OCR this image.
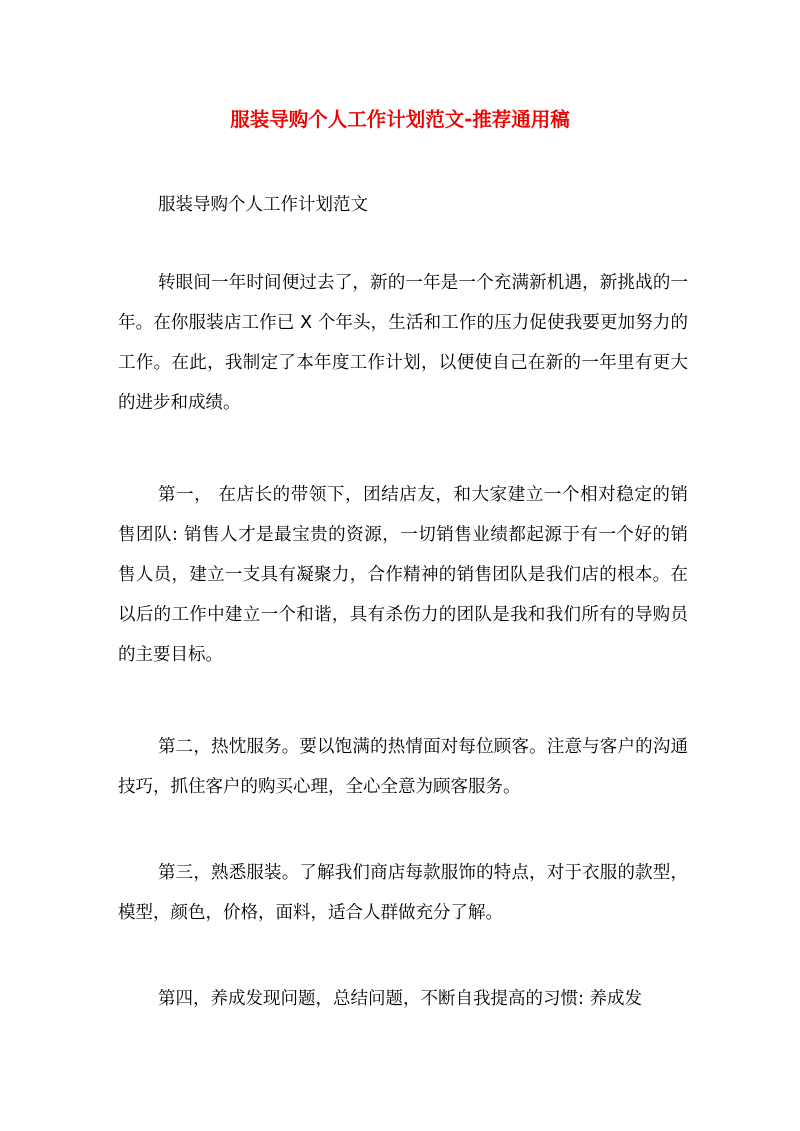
服装导购个人工作计划范文-推荐通用稿

服装导购个人工作计划范文

转眼间一年时间便过去了，新的一年是一个充满新机遇，新挑战的一年。在你服装店工作已 X 个年头，生活和工作的压力促使我要更加努力的工作。在此，我制定了本年度工作计划，以便使自己在新的一年里有更大的进步和成绩。

第一， 在店长的带领下，团结店友，和大家建立一个相对稳定的销售团队: 销售人才是最宝贵的资源，一切销售业绩都起源于有一个好的销售人员，建立一支具有凝聚力，合作精神的销售团队是我们店的根本。在以后的工作中建立一个和谐，具有杀伤力的团队是我和我们所有的导购员的主要目标。

第二，热忱服务。要以饱满的热情面对每位顾客。注意与客户的沟通技巧，抓住客户的购买心理，全心全意为顾客服务。

第三，熟悉服装。了解我们商店每款服饰的特点，对于衣服的款型，模型，颜色，价格，面料，适合人群做充分了解。

第四，养成发现问题，总结问题，不断自我提高的习惯: 养成发
